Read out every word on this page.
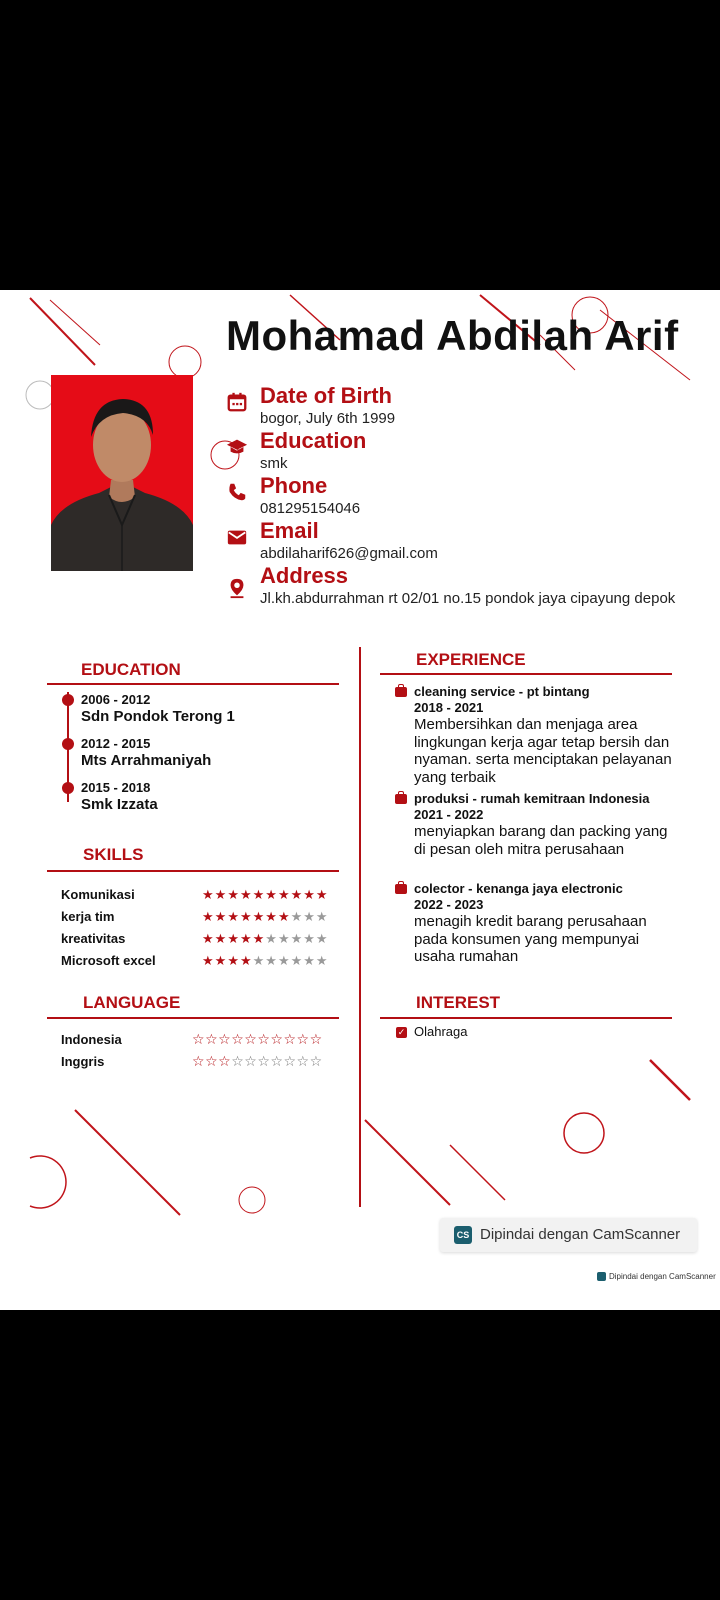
Mohamad Abdilah Arif
Date of Birth
bogor, July 6th 1999
Education
smk
Phone
081295154046
Email
abdilaharif626@gmail.com
Address
Jl.kh.abdurrahman rt 02/01 no.15 pondok jaya cipayung depok
EDUCATION
2006 - 2012
Sdn Pondok Terong 1
2012 - 2015
Mts Arrahmaniyah
2015 - 2018
Smk Izzata
SKILLS
Komunikasi	★★★★★★★★★★
kerja tim	★★★★★★★★★★
kreativitas	★★★★★★★★★★
Microsoft excel	★★★★★★★★★★
LANGUAGE
Indonesia	☆☆☆☆☆☆☆☆☆☆
Inggris	☆☆☆☆☆☆☆☆☆☆
EXPERIENCE
cleaning service - pt bintang
2018 - 2021
Membersihkan dan menjaga area lingkungan kerja agar tetap bersih dan nyaman. serta menciptakan pelayanan yang terbaik
produksi - rumah kemitraan Indonesia
2021 - 2022
menyiapkan barang dan packing yang di pesan oleh mitra perusahaan
colector - kenanga jaya electronic
2022 - 2023
menagih kredit barang perusahaan pada konsumen yang mempunyai usaha rumahan
INTEREST
✓ Olahraga
CS Dipindai dengan CamScanner
Dipindai dengan CamScanner
